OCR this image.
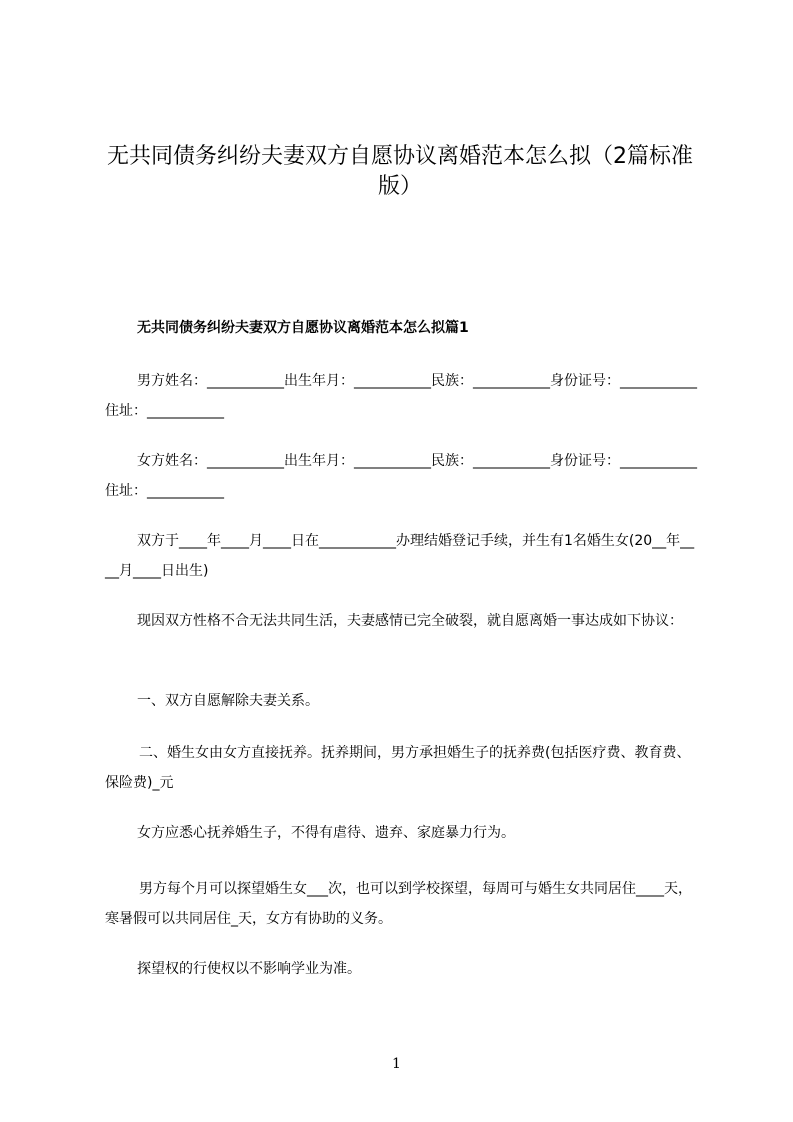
无共同债务纠纷夫妻双方自愿协议离婚范本怎么拟（2篇标准版）
无共同债务纠纷夫妻双方自愿协议离婚范本怎么拟篇1

男方姓名：___________出生年月：___________民族：___________身份证号：___________住址：___________

女方姓名：___________出生年月：___________民族：___________身份证号：___________住址：___________

双方于____年____月____日在___________办理结婚登记手续，并生有1名婚生女(20__年____月____日出生)

现因双方性格不合无法共同生活，夫妻感情已完全破裂，就自愿离婚一事达成如下协议：

一、双方自愿解除夫妻关系。

二、婚生女由女方直接抚养。抚养期间，男方承担婚生子的抚养费(包括医疗费、教育费、保险费)_元

女方应悉心抚养婚生子，不得有虐待、遗弃、家庭暴力行为。

男方每个月可以探望婚生女___次，也可以到学校探望，每周可与婚生女共同居住____天，寒暑假可以共同居住_天，女方有协助的义务。

探望权的行使权以不影响学业为准。

1
